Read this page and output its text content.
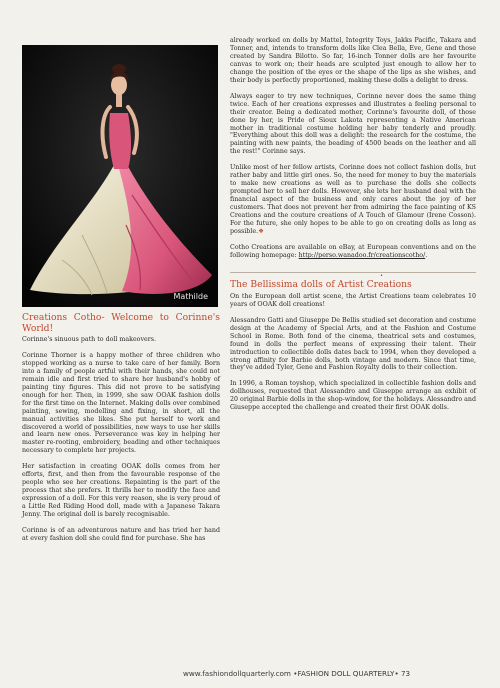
Mathilde
Creations Cotho- Welcome to Corinne's World!

Corinne's sinuous path to doll makeovers.

Corinne Thorner is a happy mother of three children who stopped working as a nurse to take care of her family. Born into a family of people artful with their hands, she could not remain idle and first tried to share her husband's hobby of painting tiny figures. This did not prove to be satisfying enough for her. Then, in 1999, she saw OOAK fashion dolls for the first time on the Internet. Making dolls over combined painting, sewing, modelling and fixing, in short, all the manual activities she likes. She put herself to work and discovered a world of possibilities, new ways to use her skills and learn new ones. Perseverance was key in helping her master re-rooting, embroidery, beading and other techniques necessary to complete her projects.

Her satisfaction in creating OOAK dolls comes from her efforts, first, and then from the favourable response of the people who see her creations. Repainting is the part of the process that she prefers. It thrills her to modify the face and expression of a doll. For this very reason, she is very proud of a Little Red Riding Hood doll, made with a Japanese Takara Jenny. The original doll is barely recognisable.

Corinne is of an adventurous nature and has tried her hand at every fashion doll she could find for purchase. She has

already worked on dolls by Mattel, Integrity Toys, Jakks Pacific, Takara and Tonner, and, intends to transform dolls like Clea Bella, Eve, Gene and those created by Sandra Bilotto. So far, 16-inch Tonner dolls are her favourite canvas to work on; their heads are sculpted just enough to allow her to change the position of the eyes or the shape of the lips as she wishes, and their body is perfectly proportioned, making these dolls a delight to dress.

Always eager to try new techniques, Corinne never does the same thing twice. Each of her creations expresses and illustrates a feeling personal to their creator. Being a dedicated mother, Corinne's favourite doll, of those done by her, is Pride of Sioux Lakota representing a Native American mother in traditional costume holding her baby tenderly and proudly. "Everything about this doll was a delight: the research for the costume, the painting with new paints, the beading of 4500 beads on the leather and all the rest!" Corinne says.

Unlike most of her fellow artists, Corinne does not collect fashion dolls, but rather baby and little girl ones. So, the need for money to buy the materials to make new creations as well as to purchase the dolls she collects prompted her to sell her dolls. However, she lets her husband deal with the financial aspect of the business and only cares about the joy of her customers. That does not prevent her from admiring the face painting of KS Creations and the couture creations of A Touch of Glamour (Irene Cosson). For the future, she only hopes to be able to go on creating dolls as long as possible.❖

Cotho Creations are available on eBay, at European conventions and on the following homepage: http://perso.wanadoo.fr/creationscotho/.

•
The Bellissima dolls of Artist Creations

On the European doll artist scene, the Artist Creations team celebrates 10 years of OOAK doll creations!

Alessandro Gatti and Giuseppe De Bellis studied set decoration and costume design at the Academy of Special Arts, and at the Fashion and Costume School in Rome. Both fond of the cinema, theatrical sets and costumes, found in dolls the perfect means of expressing their talent. Their introduction to collectible dolls dates back to 1994, when they developed a strong affinity for Barbie dolls, both vintage and modern. Since that time, they've added Tyler, Gene and Fashion Royalty dolls to their collection.

In 1996, a Roman toyshop, which specialized in collectible fashion dolls and dollhouses, requested that Alessandro and Giuseppe arrange an exhibit of 20 original Barbie dolls in the shop-window, for the holidays. Alessandro and Giuseppe accepted the challenge and created their first OOAK dolls.

www.fashiondollquarterly.com •FASHION DOLL QUARTERLY• 73
